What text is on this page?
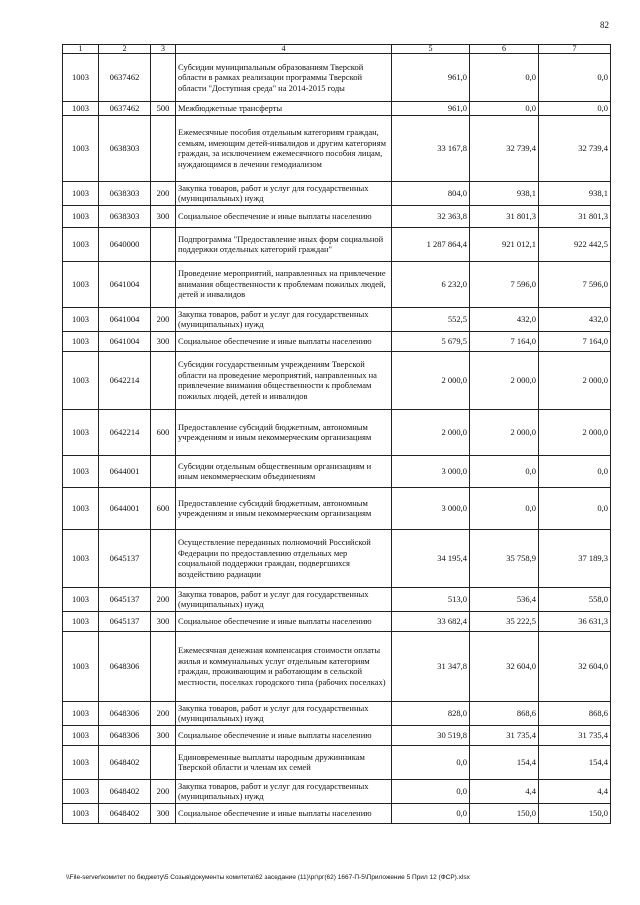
82
1	2	3	4	5	6	7
1003	0637462		Субсидии муниципальным образованиям Тверской области в рамках реализации программы Тверской области "Доступная среда" на 2014-2015 годы	961,0	0,0	0,0
1003	0637462	500	Межбюджетные трансферты	961,0	0,0	0,0
1003	0638303		Ежемесячные пособия отдельным категориям граждан, семьям, имеющим детей-инвалидов и другим категориям граждан, за исключением ежемесячного пособия лицам, нуждающимся в лечении гемодиализом	33 167,8	32 739,4	32 739,4
1003	0638303	200	Закупка товаров, работ и услуг для государственных (муниципальных) нужд	804,0	938,1	938,1
1003	0638303	300	Социальное обеспечение и иные выплаты населению	32 363,8	31 801,3	31 801,3
1003	0640000		Подпрограмма "Предоставление иных форм социальной поддержки отдельных категорий граждан"	1 287 864,4	921 012,1	922 442,5
1003	0641004		Проведение мероприятий, направленных на привлечение внимания общественности к проблемам пожилых людей, детей и инвалидов	6 232,0	7 596,0	7 596,0
1003	0641004	200	Закупка товаров, работ и услуг для государственных (муниципальных) нужд	552,5	432,0	432,0
1003	0641004	300	Социальное обеспечение и иные выплаты населению	5 679,5	7 164,0	7 164,0
1003	0642214		Субсидии государственным учреждениям Тверской области на проведение мероприятий, направленных на привлечение внимания общественности к проблемам пожилых людей, детей и инвалидов	2 000,0	2 000,0	2 000,0
1003	0642214	600	Предоставление субсидий бюджетным, автономным учреждениям и иным некоммерческим организациям	2 000,0	2 000,0	2 000,0
1003	0644001		Субсидии отдельным общественным организациям и иным некоммерческим объединениям	3 000,0	0,0	0,0
1003	0644001	600	Предоставление субсидий бюджетным, автономным учреждениям и иным некоммерческим организациям	3 000,0	0,0	0,0
1003	0645137		Осуществление переданных полномочий Российской Федерации по предоставлению отдельных мер социальной поддержки граждан, подвергшихся воздействию радиации	34 195,4	35 758,9	37 189,3
1003	0645137	200	Закупка товаров, работ и услуг для государственных (муниципальных) нужд	513,0	536,4	558,0
1003	0645137	300	Социальное обеспечение и иные выплаты населению	33 682,4	35 222,5	36 631,3
1003	0648306		Ежемесячная денежная компенсация стоимости оплаты жилья и коммунальных услуг отдельным категориям граждан, проживающим и работающим в сельской местности, поселках городского типа (рабочих поселках)	31 347,8	32 604,0	32 604,0
1003	0648306	200	Закупка товаров, работ и услуг для государственных (муниципальных) нужд	828,0	868,6	868,6
1003	0648306	300	Социальное обеспечение и иные выплаты населению	30 519,8	31 735,4	31 735,4
1003	0648402		Единовременные выплаты народным дружинникам Тверской области и членам их семей	0,0	154,4	154,4
1003	0648402	200	Закупка товаров, работ и услуг для государственных (муниципальных) нужд	0,0	4,4	4,4
1003	0648402	300	Социальное обеспечение и иные выплаты населению	0,0	150,0	150,0
\\File-server\комитет по бюджету\5 Созыв\документы комитета\62 заседание (11)\рг\рг(62) 1667-П-5\Приложение 5 Прил 12 (ФСР).xlsx
